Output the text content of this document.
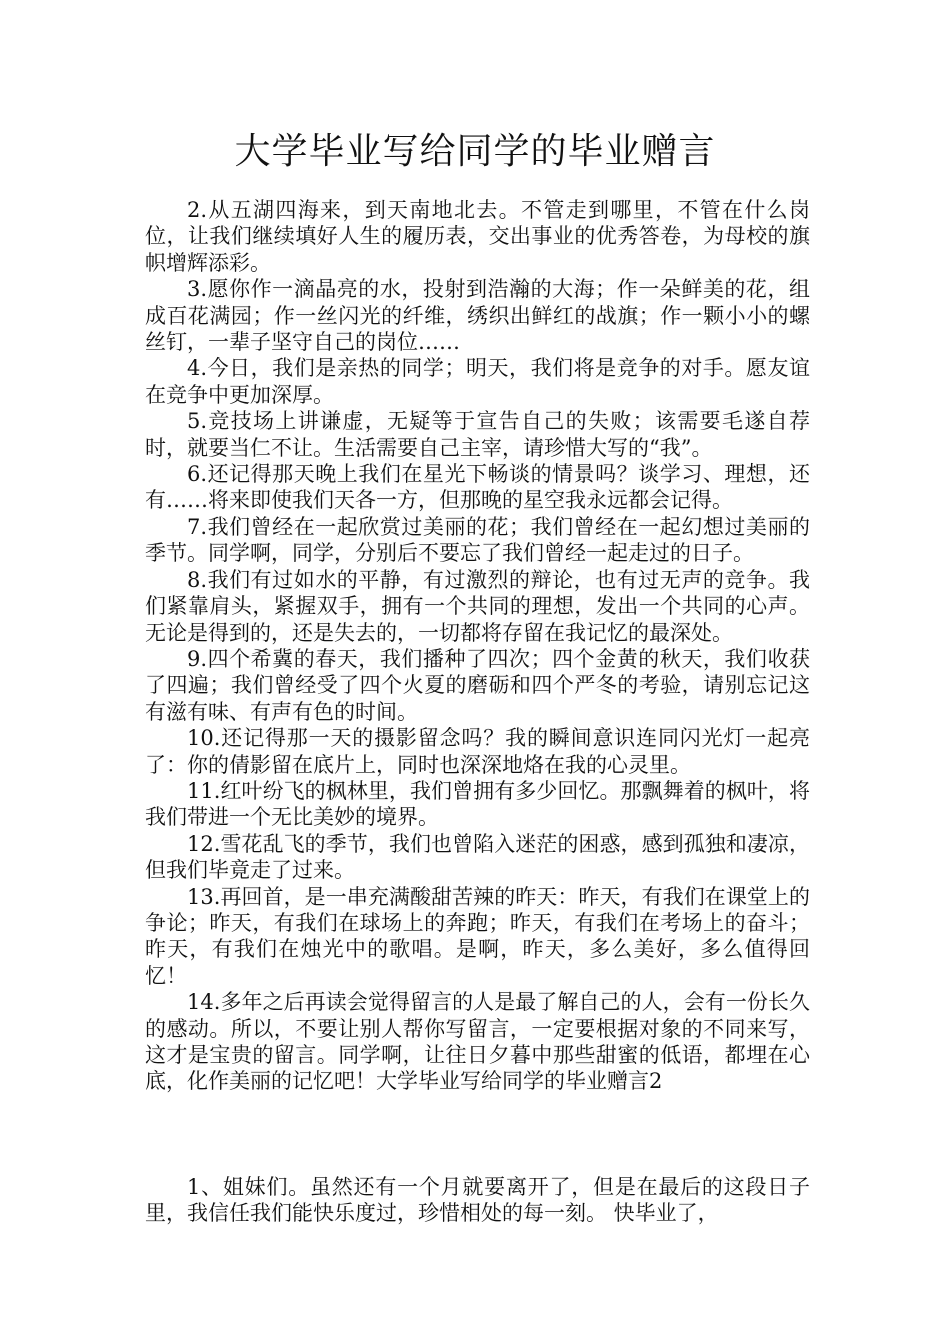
大学毕业写给同学的毕业赠言

2.从五湖四海来，到天南地北去。不管走到哪里，不管在什么岗位，让我们继续填好人生的履历表，交出事业的优秀答卷，为母校的旗帜增辉添彩。

3.愿你作一滴晶亮的水，投射到浩瀚的大海；作一朵鲜美的花，组成百花满园；作一丝闪光的纤维，绣织出鲜红的战旗；作一颗小小的螺丝钉，一辈子坚守自己的岗位……

4.今日，我们是亲热的同学；明天，我们将是竞争的对手。愿友谊在竞争中更加深厚。

5.竞技场上讲谦虚，无疑等于宣告自己的失败；该需要毛遂自荐时，就要当仁不让。生活需要自己主宰，请珍惜大写的“我”。

6.还记得那天晚上我们在星光下畅谈的情景吗？谈学习、理想，还有……将来即使我们天各一方，但那晚的星空我永远都会记得。

7.我们曾经在一起欣赏过美丽的花；我们曾经在一起幻想过美丽的季节。同学啊，同学，分别后不要忘了我们曾经一起走过的日子。

8.我们有过如水的平静，有过激烈的辩论，也有过无声的竞争。我们紧靠肩头，紧握双手，拥有一个共同的理想，发出一个共同的心声。无论是得到的，还是失去的，一切都将存留在我记忆的最深处。

9.四个希冀的春天，我们播种了四次；四个金黄的秋天，我们收获了四遍；我们曾经受了四个火夏的磨砺和四个严冬的考验，请别忘记这有滋有味、有声有色的时间。

10.还记得那一天的摄影留念吗？我的瞬间意识连同闪光灯一起亮了：你的倩影留在底片上，同时也深深地烙在我的心灵里。

11.红叶纷飞的枫林里，我们曾拥有多少回忆。那飘舞着的枫叶，将我们带进一个无比美妙的境界。

12.雪花乱飞的季节，我们也曾陷入迷茫的困惑，感到孤独和凄凉，但我们毕竟走了过来。

13.再回首，是一串充满酸甜苦辣的昨天：昨天，有我们在课堂上的争论；昨天，有我们在球场上的奔跑；昨天，有我们在考场上的奋斗；昨天，有我们在烛光中的歌唱。是啊，昨天，多么美好，多么值得回忆！

14.多年之后再读会觉得留言的人是最了解自己的人，会有一份长久的感动。所以，不要让别人帮你写留言，一定要根据对象的不同来写，这才是宝贵的留言。同学啊，让往日夕暮中那些甜蜜的低语，都埋在心底，化作美丽的记忆吧！大学毕业写给同学的毕业赠言2

1、姐妹们。虽然还有一个月就要离开了，但是在最后的这段日子里，我信任我们能快乐度过，珍惜相处的每一刻。 快毕业了，
